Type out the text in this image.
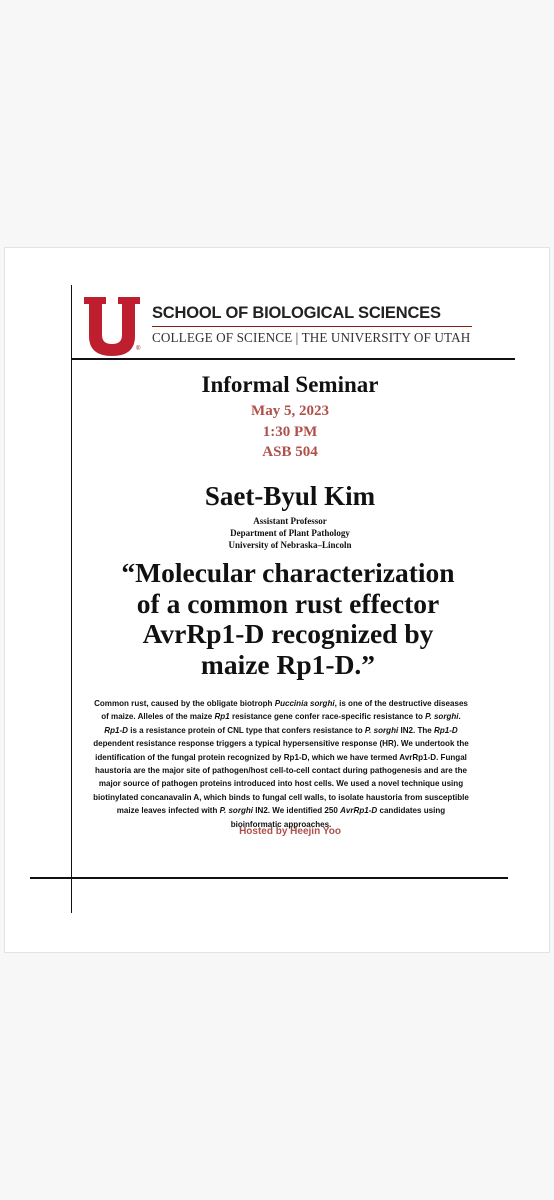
U
®
SCHOOL OF BIOLOGICAL SCIENCES
COLLEGE OF SCIENCE | THE UNIVERSITY OF UTAH
Informal Seminar
May 5, 2023
1:30 PM
ASB 504
Saet-Byul Kim
Assistant Professor
Department of Plant Pathology
University of Nebraska–Lincoln
“Molecular characterization
of a common rust effector
AvrRp1-D recognized by
maize Rp1-D.”
Common rust, caused by the obligate biotroph Puccinia sorghi, is one of the destructive diseases of maize. Alleles of the maize Rp1 resistance gene confer race-specific resistance to P. sorghi. Rp1-D is a resistance protein of CNL type that confers resistance to P. sorghi IN2. The Rp1-D dependent resistance response triggers a typical hypersensitive response (HR). We undertook the identification of the fungal protein recognized by Rp1-D, which we have termed AvrRp1-D. Fungal haustoria are the major site of pathogen/host cell-to-cell contact during pathogenesis and are the major source of pathogen proteins introduced into host cells. We used a novel technique using biotinylated concanavalin A, which binds to fungal cell walls, to isolate haustoria from susceptible maize leaves infected with P. sorghi IN2. We identified 250 AvrRp1-D candidates using bioinformatic approaches.
Hosted by Heejin Yoo
